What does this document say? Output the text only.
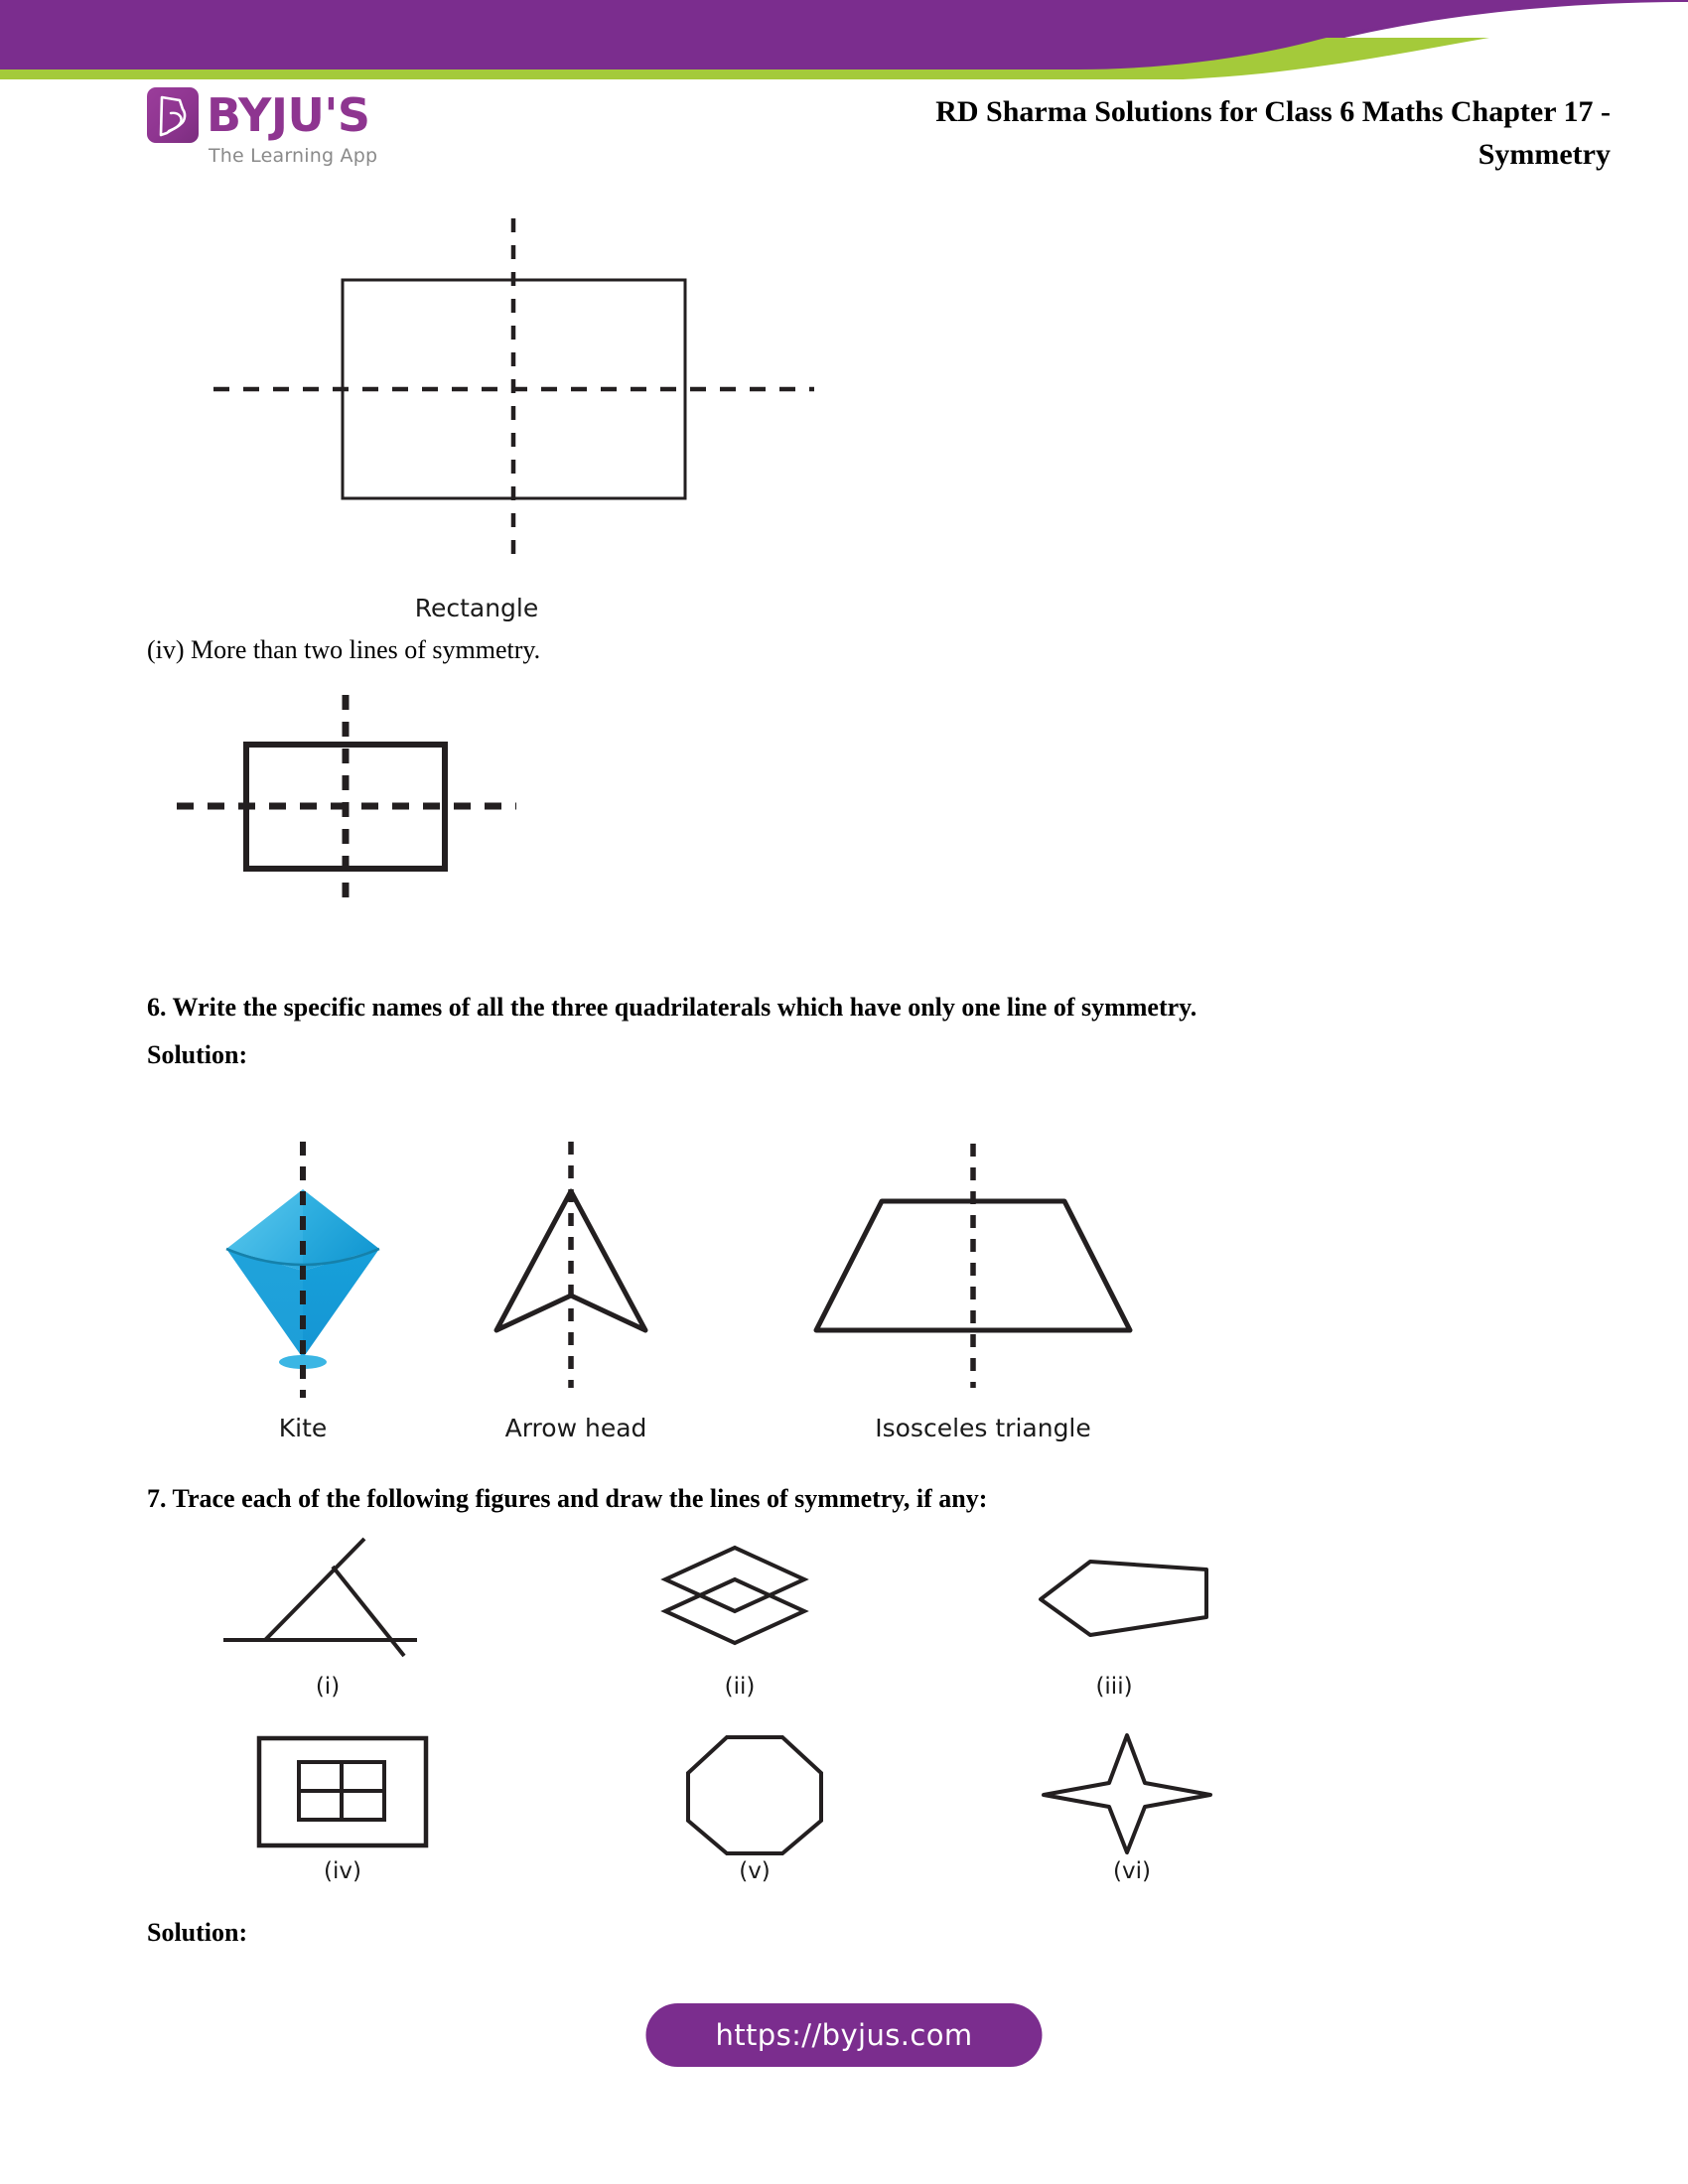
BYJU'S
The Learning App
RD Sharma Solutions for Class 6 Maths Chapter 17 -
Symmetry
Rectangle
(iv) More than two lines of symmetry.
6. Write the specific names of all the three quadrilaterals which have only one line of symmetry.
Solution:
Kite	Arrow head	Isosceles triangle
7. Trace each of the following figures and draw the lines of symmetry, if any:
(i)	(ii)	(iii)
(iv)	(v)	(vi)
Solution:
https://byjus.com
